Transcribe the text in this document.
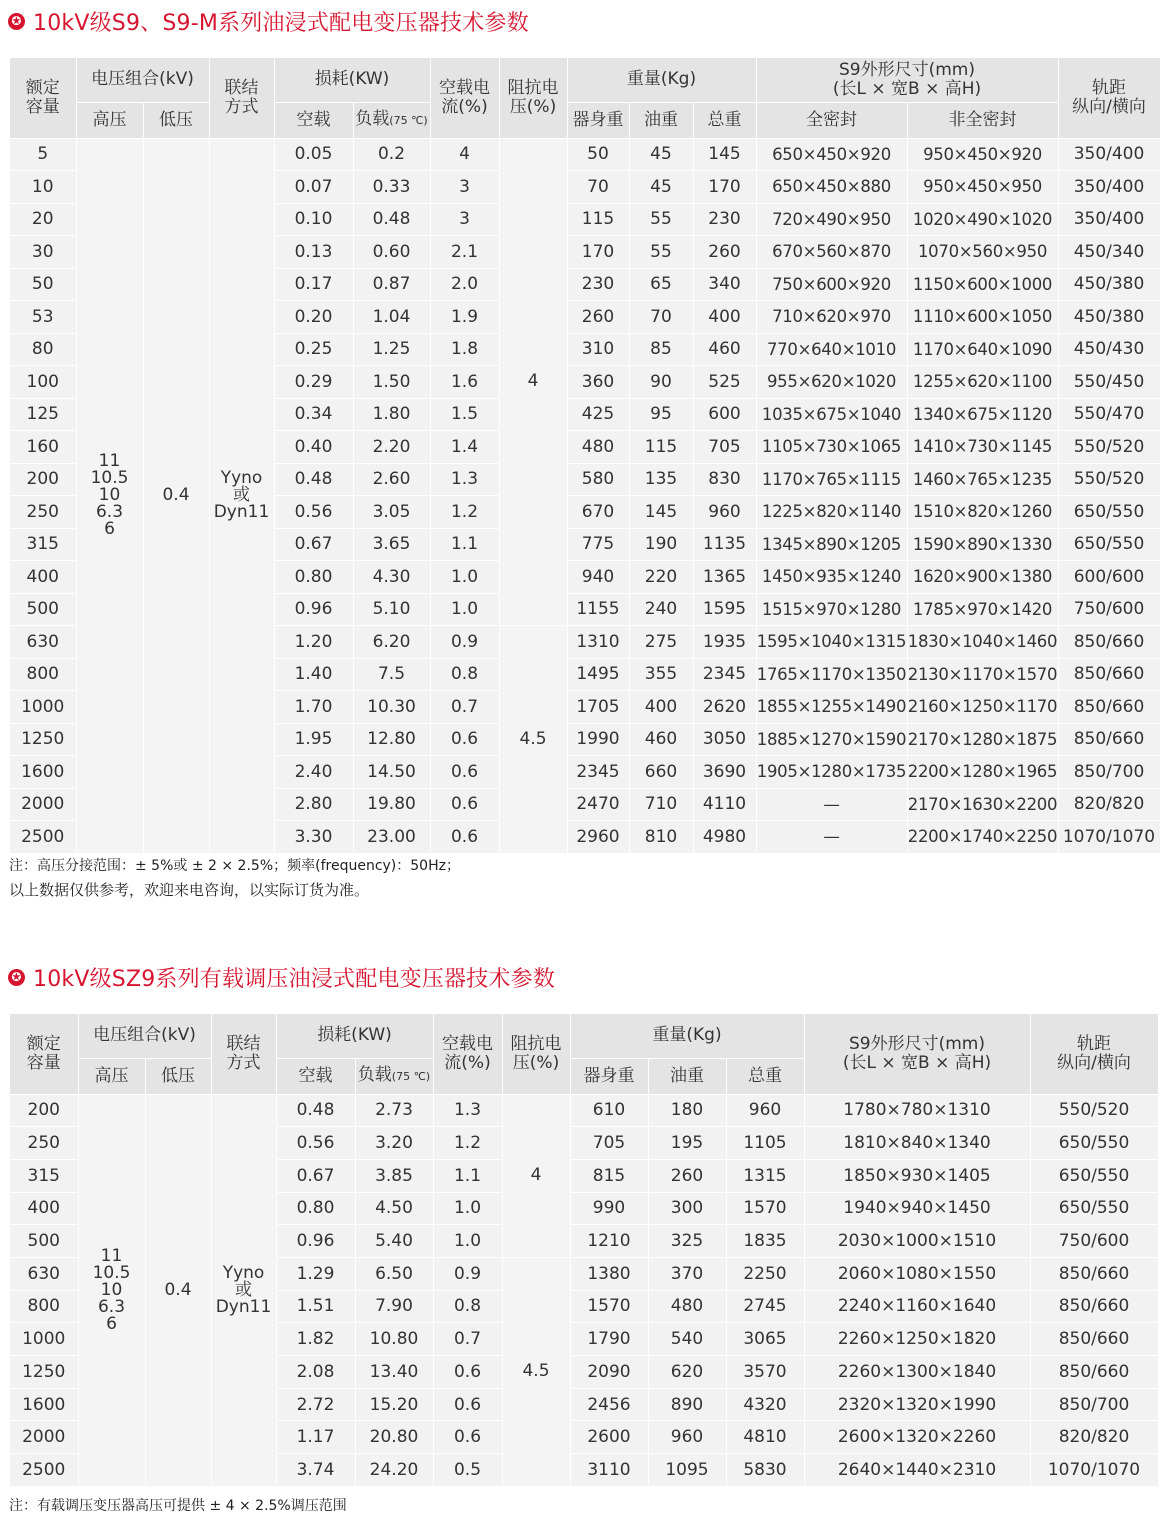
✪ 10kV级S9、S9-M系列油浸式配电变压器技术参数
额定
容量	电压组合(kV)		联结
方式	损耗(KW)		空载电
流(%)	阻抗电
压(%)	重量(Kg)			S9外形尺寸(mm)
(长L × 宽B × 高H)		轨距
纵向/横向
	高压	低压		空载	负载(75 ℃)			器身重	油重	总重	全密封	非全密封	
5	11
10.5
10
6.3
6	0.4	Yyno
或
Dyn11	0.05	0.2	4	4	50	45	145	650×450×920	950×450×920	350/400
10				0.07	0.33	3		70	45	170	650×450×880	950×450×950	350/400
20				0.10	0.48	3		115	55	230	720×490×950	1020×490×1020	350/400
30				0.13	0.60	2.1		170	55	260	670×560×870	1070×560×950	450/340
50				0.17	0.87	2.0		230	65	340	750×600×920	1150×600×1000	450/380
53				0.20	1.04	1.9		260	70	400	710×620×970	1110×600×1050	450/380
80				0.25	1.25	1.8		310	85	460	770×640×1010	1170×640×1090	450/430
100				0.29	1.50	1.6		360	90	525	955×620×1020	1255×620×1100	550/450
125				0.34	1.80	1.5		425	95	600	1035×675×1040	1340×675×1120	550/470
160				0.40	2.20	1.4		480	115	705	1105×730×1065	1410×730×1145	550/520
200				0.48	2.60	1.3		580	135	830	1170×765×1115	1460×765×1235	550/520
250				0.56	3.05	1.2		670	145	960	1225×820×1140	1510×820×1260	650/550
315				0.67	3.65	1.1		775	190	1135	1345×890×1205	1590×890×1330	650/550
400				0.80	4.30	1.0		940	220	1365	1450×935×1240	1620×900×1380	600/600
500				0.96	5.10	1.0		1155	240	1595	1515×970×1280	1785×970×1420	750/600
630				1.20	6.20	0.9	4.5	1310	275	1935	1595×1040×1315	1830×1040×1460	850/660
800				1.40	7.5	0.8		1495	355	2345	1765×1170×1350	2130×1170×1570	850/660
1000				1.70	10.30	0.7		1705	400	2620	1855×1255×1490	2160×1250×1170	850/660
1250				1.95	12.80	0.6		1990	460	3050	1885×1270×1590	2170×1280×1875	850/660
1600				2.40	14.50	0.6		2345	660	3690	1905×1280×1735	2200×1280×1965	850/700
2000				2.80	19.80	0.6		2470	710	4110	—	2170×1630×2200	820/820
2500				3.30	23.00	0.6		2960	810	4980	—	2200×1740×2250	1070/1070
注：高压分接范围：± 5%或 ± 2 × 2.5%；频率(frequency)：50Hz；
以上数据仅供参考，欢迎来电咨询，以实际订货为准。
✪ 10kV级SZ9系列有载调压油浸式配电变压器技术参数
额定
容量	电压组合(kV)		联结
方式	损耗(KW)		空载电
流(%)	阻抗电
压(%)	重量(Kg)			S9外形尺寸(mm)
(长L × 宽B × 高H)	轨距
纵向/横向
	高压	低压		空载	负载(75 ℃)			器身重	油重	总重		
200	11
10.5
10
6.3
6	0.4	Yyno
或
Dyn11	0.48	2.73	1.3	4	610	180	960	1780×780×1310	550/520
250				0.56	3.20	1.2		705	195	1105	1810×840×1340	650/550
315				0.67	3.85	1.1		815	260	1315	1850×930×1405	650/550
400				0.80	4.50	1.0		990	300	1570	1940×940×1450	650/550
500				0.96	5.40	1.0		1210	325	1835	2030×1000×1510	750/600
630				1.29	6.50	0.9	4.5	1380	370	2250	2060×1080×1550	850/660
800				1.51	7.90	0.8		1570	480	2745	2240×1160×1640	850/660
1000				1.82	10.80	0.7		1790	540	3065	2260×1250×1820	850/660
1250				2.08	13.40	0.6		2090	620	3570	2260×1300×1840	850/660
1600				2.72	15.20	0.6		2456	890	4320	2320×1320×1990	850/700
2000				1.17	20.80	0.6		2600	960	4810	2600×1320×2260	820/820
2500				3.74	24.20	0.5		3110	1095	5830	2640×1440×2310	1070/1070
注：有载调压变压器高压可提供 ± 4 × 2.5%调压范围
